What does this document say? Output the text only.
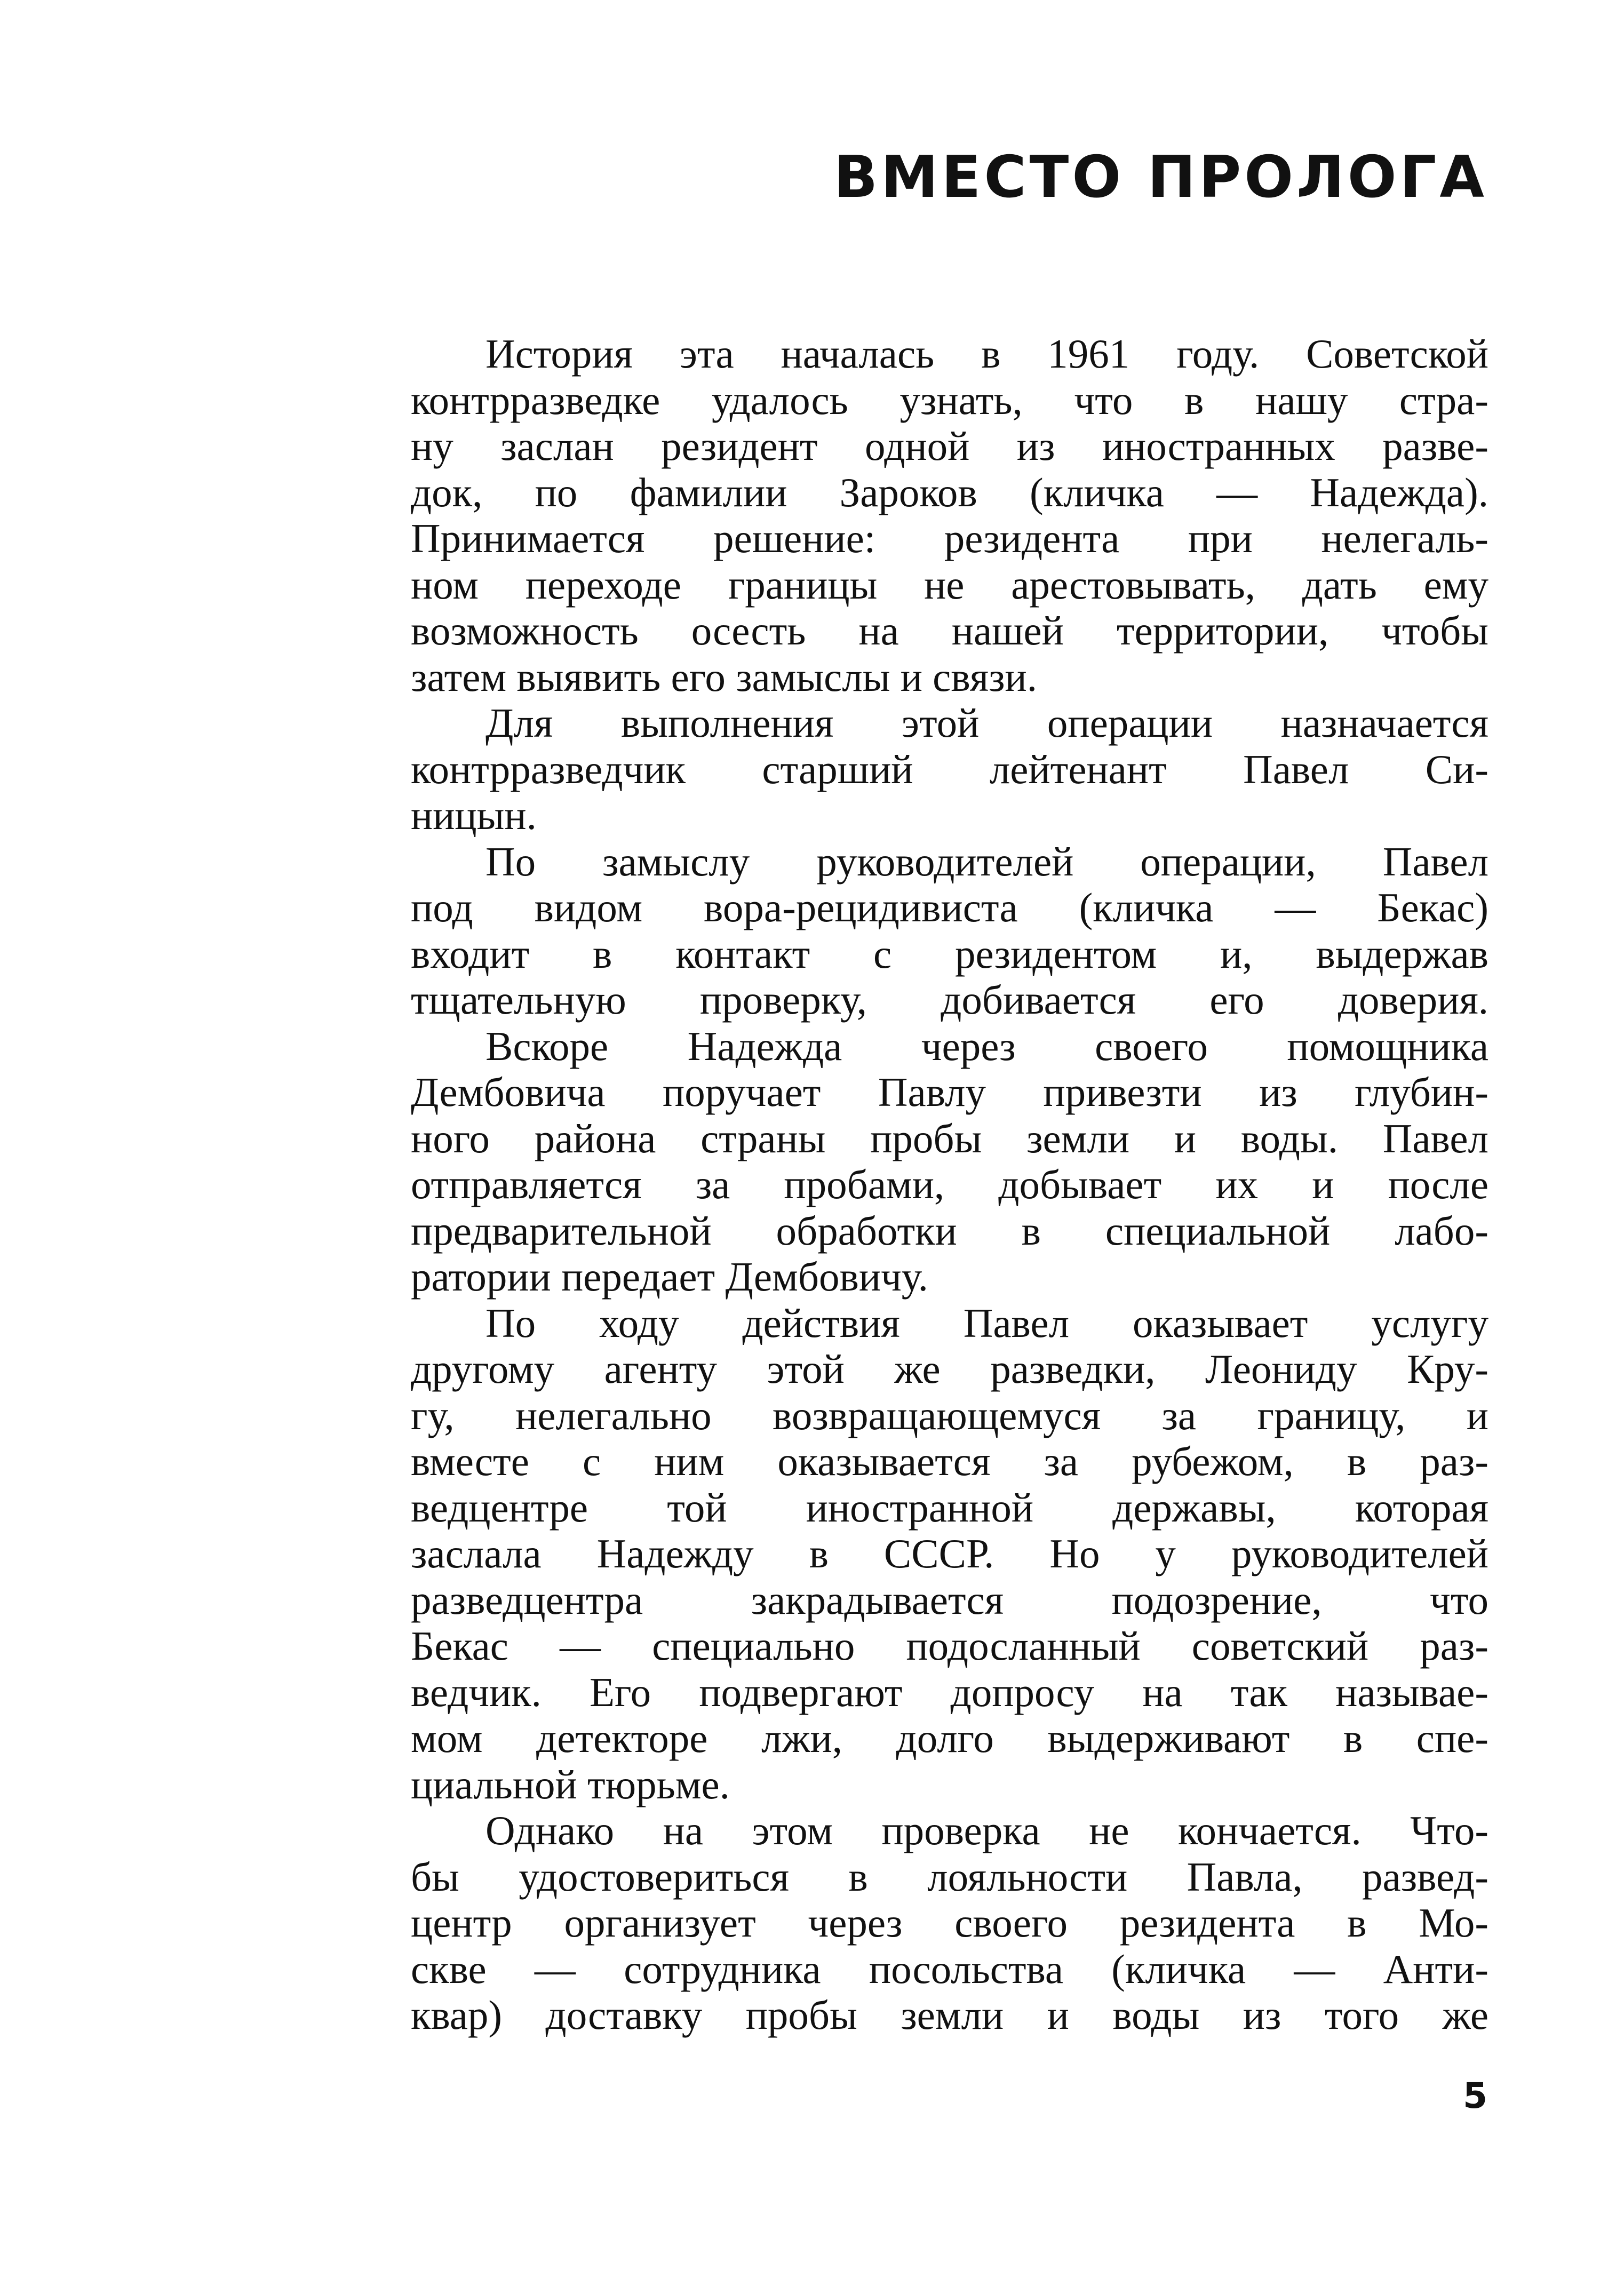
ВМЕСТО ПРОЛОГА
История эта началась в 1961 году. Советской
контрразведке удалось узнать, что в нашу стра-
ну заслан резидент одной из иностранных разве-
док, по фамилии Зароков (кличка — Надежда).
Принимается решение: резидента при нелегаль-
ном переходе границы не арестовывать, дать ему
возможность осесть на нашей территории, чтобы
затем выявить его замыслы и связи.
Для выполнения этой операции назначается
контрразведчик старший лейтенант Павел Си-
ницын.
По замыслу руководителей операции, Павел
под видом вора-рецидивиста (кличка — Бекас)
входит в контакт с резидентом и, выдержав
тщательную проверку, добивается его доверия.
Вскоре Надежда через своего помощника
Дембовича поручает Павлу привезти из глубин-
ного района страны пробы земли и воды. Павел
отправляется за пробами, добывает их и после
предварительной обработки в специальной лабо-
ратории передает Дембовичу.
По ходу действия Павел оказывает услугу
другому агенту этой же разведки, Леониду Кру-
гу, нелегально возвращающемуся за границу, и
вместе с ним оказывается за рубежом, в раз-
ведцентре той иностранной державы, которая
заслала Надежду в СССР. Но у руководителей
разведцентра закрадывается подозрение, что
Бекас — специально подосланный советский раз-
ведчик. Его подвергают допросу на так называе-
мом детекторе лжи, долго выдерживают в спе-
циальной тюрьме.
Однако на этом проверка не кончается. Что-
бы удостовериться в лояльности Павла, развед-
центр организует через своего резидента в Мо-
скве — сотрудника посольства (кличка — Анти-
квар) доставку пробы земли и воды из того же
5
